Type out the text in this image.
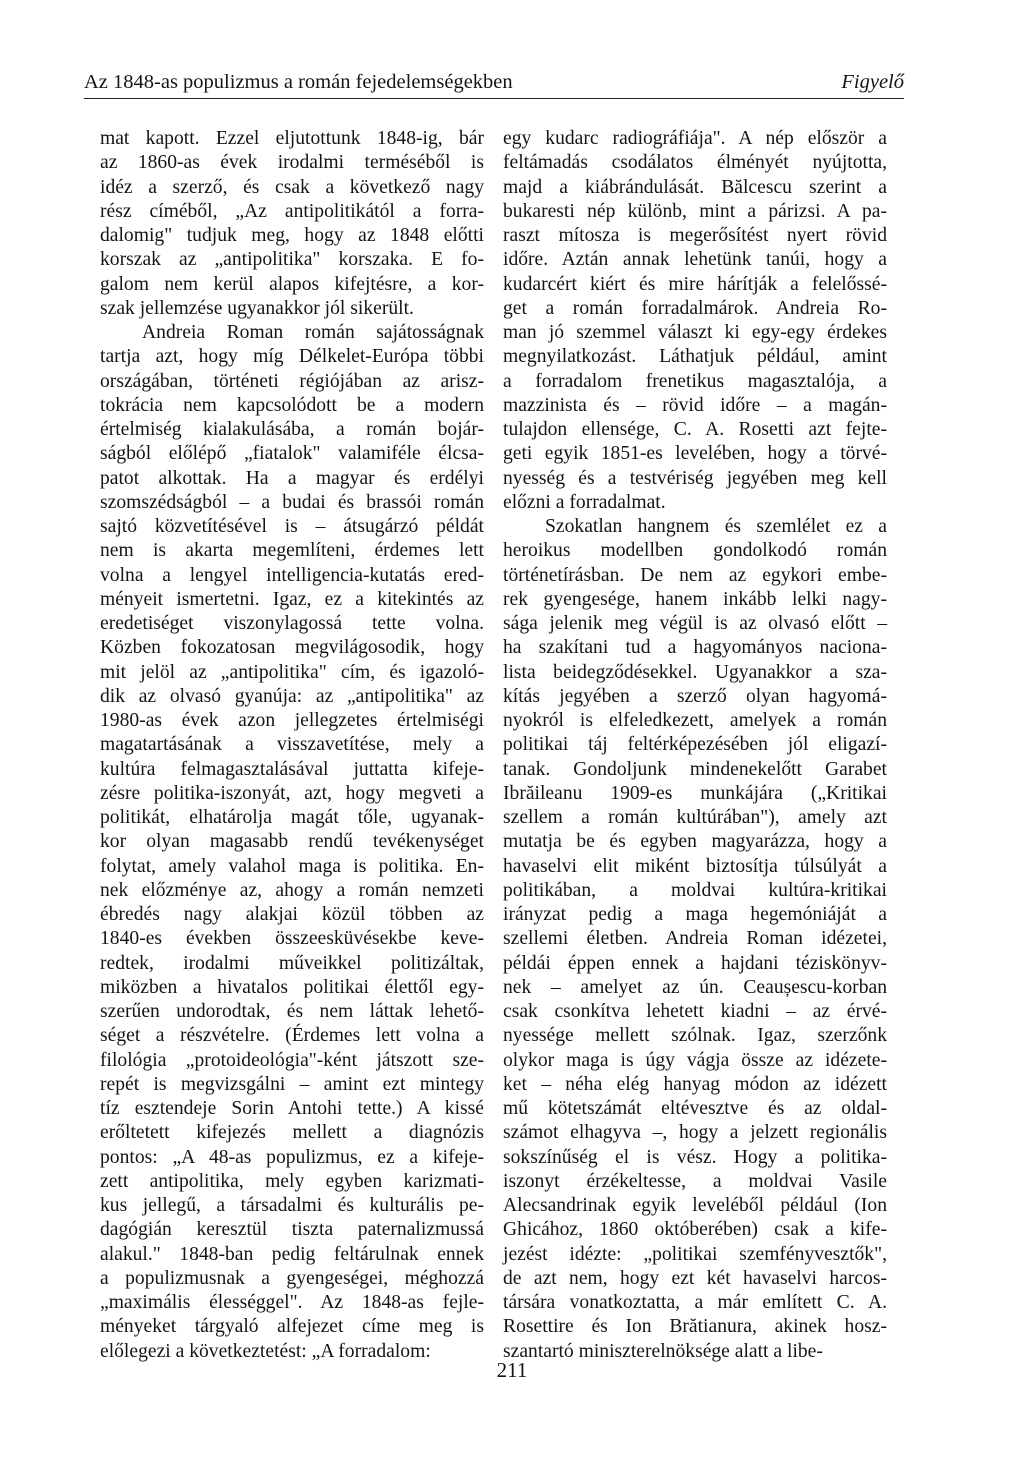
Az 1848-as populizmus a román fejedelemségekben	Figyelő
mat kapott. Ezzel eljutottunk 1848-ig, bár
az 1860-as évek irodalmi terméséből is
idéz a szerző, és csak a következő nagy
rész címéből, „Az antipolitikától a forra-
dalomig" tudjuk meg, hogy az 1848 előtti
korszak az „antipolitika" korszaka. E fo-
galom nem kerül alapos kifejtésre, a kor-
szak jellemzése ugyanakkor jól sikerült.
Andreia Roman román sajátosságnak
tartja azt, hogy míg Délkelet-Európa többi
országában, történeti régiójában az arisz-
tokrácia nem kapcsolódott be a modern
értelmiség kialakulásába, a román bojár-
ságból előlépő „fiatalok" valamiféle élcsa-
patot alkottak. Ha a magyar és erdélyi
szomszédságból – a budai és brassói román
sajtó közvetítésével is – átsugárzó példát
nem is akarta megemlíteni, érdemes lett
volna a lengyel intelligencia-kutatás ered-
ményeit ismertetni. Igaz, ez a kitekintés az
eredetiséget viszonylagossá tette volna.
Közben fokozatosan megvilágosodik, hogy
mit jelöl az „antipolitika" cím, és igazoló-
dik az olvasó gyanúja: az „antipolitika" az
1980-as évek azon jellegzetes értelmiségi
magatartásának a visszavetítése, mely a
kultúra felmagasztalásával juttatta kifeje-
zésre politika-iszonyát, azt, hogy megveti a
politikát, elhatárolja magát tőle, ugyanak-
kor olyan magasabb rendű tevékenységet
folytat, amely valahol maga is politika. En-
nek előzménye az, ahogy a román nemzeti
ébredés nagy alakjai közül többen az
1840-es években összeesküvésekbe keve-
redtek, irodalmi műveikkel politizáltak,
miközben a hivatalos politikai élettől egy-
szerűen undorodtak, és nem láttak lehető-
séget a részvételre. (Érdemes lett volna a
filológia „protoideológia"-ként játszott sze-
repét is megvizsgálni – amint ezt mintegy
tíz esztendeje Sorin Antohi tette.) A kissé
erőltetett kifejezés mellett a diagnózis
pontos: „A 48-as populizmus, ez a kifeje-
zett antipolitika, mely egyben karizmati-
kus jellegű, a társadalmi és kulturális pe-
dagógián keresztül tiszta paternalizmussá
alakul." 1848-ban pedig feltárulnak ennek
a populizmusnak a gyengeségei, méghozzá
„maximális élességgel". Az 1848-as fejle-
ményeket tárgyaló alfejezet címe meg is
előlegezi a következtetést: „A forradalom:
egy kudarc radiográfiája". A nép először a
feltámadás csodálatos élményét nyújtotta,
majd a kiábrándulását. Bălcescu szerint a
bukaresti nép különb, mint a párizsi. A pa-
raszt mítosza is megerősítést nyert rövid
időre. Aztán annak lehetünk tanúi, hogy a
kudarcért kiért és mire hárítják a felelőssé-
get a román forradalmárok. Andreia Ro-
man jó szemmel választ ki egy-egy érdekes
megnyilatkozást. Láthatjuk például, amint
a forradalom frenetikus magasztalója, a
mazzinista és – rövid időre – a magán-
tulajdon ellensége, C. A. Rosetti azt fejte-
geti egyik 1851-es levelében, hogy a törvé-
nyesség és a testvériség jegyében meg kell
előzni a forradalmat.
Szokatlan hangnem és szemlélet ez a
heroikus modellben gondolkodó román
történetírásban. De nem az egykori embe-
rek gyengesége, hanem inkább lelki nagy-
sága jelenik meg végül is az olvasó előtt –
ha szakítani tud a hagyományos naciona-
lista beidegződésekkel. Ugyanakkor a sza-
kítás jegyében a szerző olyan hagyomá-
nyokról is elfeledkezett, amelyek a román
politikai táj feltérképezésében jól eligazí-
tanak. Gondoljunk mindenekelőtt Garabet
Ibrăileanu 1909-es munkájára („Kritikai
szellem a román kultúrában"), amely azt
mutatja be és egyben magyarázza, hogy a
havaselvi elit miként biztosítja túlsúlyát a
politikában, a moldvai kultúra-kritikai
irányzat pedig a maga hegemóniáját a
szellemi életben. Andreia Roman idézetei,
példái éppen ennek a hajdani téziskönyv-
nek – amelyet az ún. Ceaușescu-korban
csak csonkítva lehetett kiadni – az érvé-
nyessége mellett szólnak. Igaz, szerzőnk
olykor maga is úgy vágja össze az idézete-
ket – néha elég hanyag módon az idézett
mű kötetszámát eltévesztve és az oldal-
számot elhagyva –, hogy a jelzett regionális
sokszínűség el is vész. Hogy a politika-
iszonyt érzékeltesse, a moldvai Vasile
Alecsandrinak egyik leveléből például (Ion
Ghicához, 1860 októberében) csak a kife-
jezést idézte: „politikai szemfényvesztők",
de azt nem, hogy ezt két havaselvi harcos-
társára vonatkoztatta, a már említett C. A.
Rosettire és Ion Brătianura, akinek hosz-
szantartó miniszterelnöksége alatt a libe-
211
